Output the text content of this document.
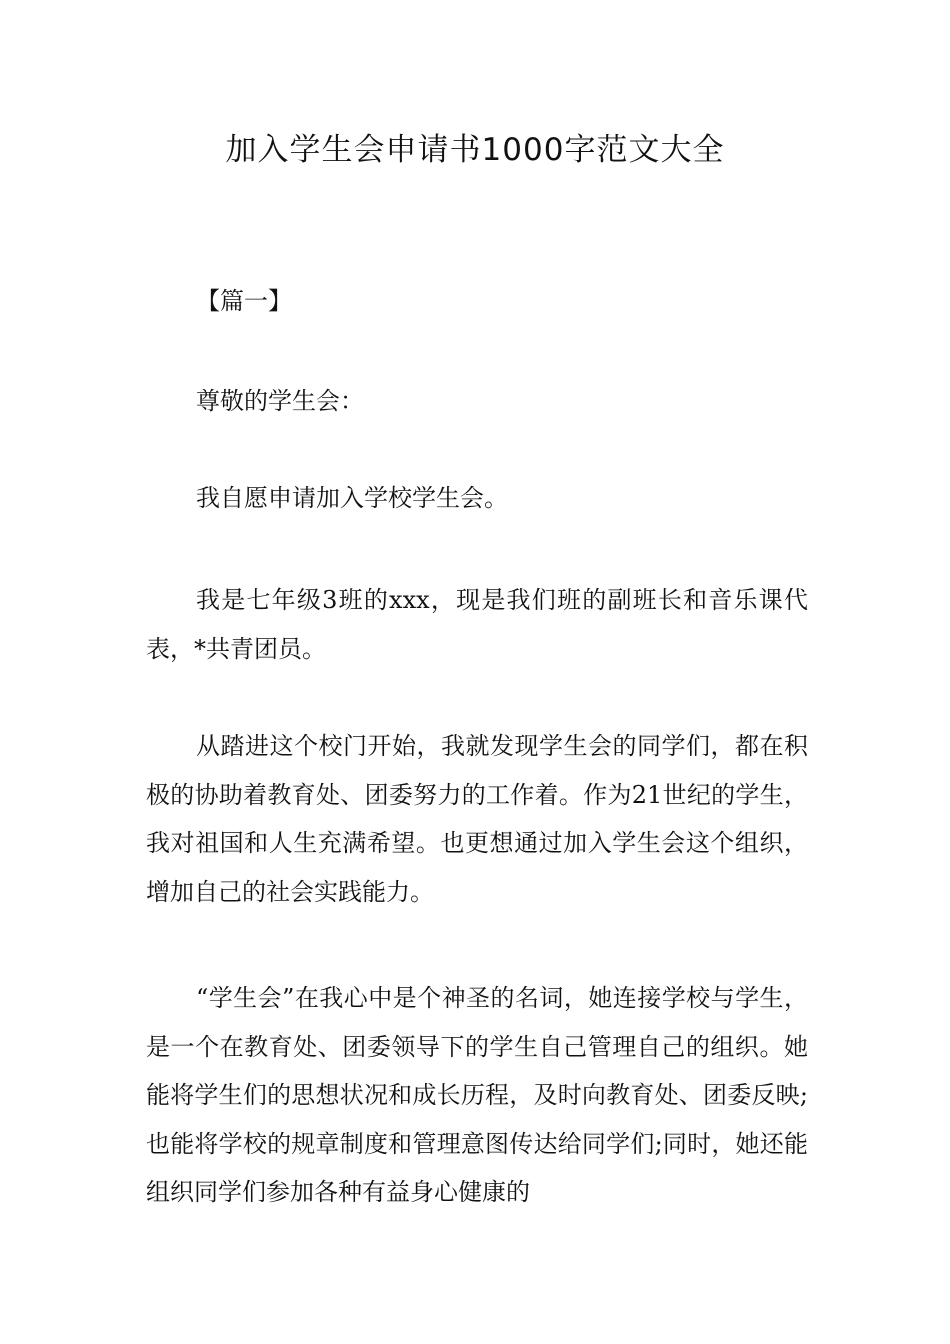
加入学生会申请书1000字范文大全

【篇一】

尊敬的学生会：

我自愿申请加入学校学生会。

我是七年级3班的xxx，现是我们班的副班长和音乐课代表，*共青团员。

从踏进这个校门开始，我就发现学生会的同学们，都在积极的协助着教育处、团委努力的工作着。作为21世纪的学生，我对祖国和人生充满希望。也更想通过加入学生会这个组织，增加自己的社会实践能力。

“学生会”在我心中是个神圣的名词，她连接学校与学生，是一个在教育处、团委领导下的学生自己管理自己的组织。她能将学生们的思想状况和成长历程，及时向教育处、团委反映;也能将学校的规章制度和管理意图传达给同学们;同时，她还能组织同学们参加各种有益身心健康的
